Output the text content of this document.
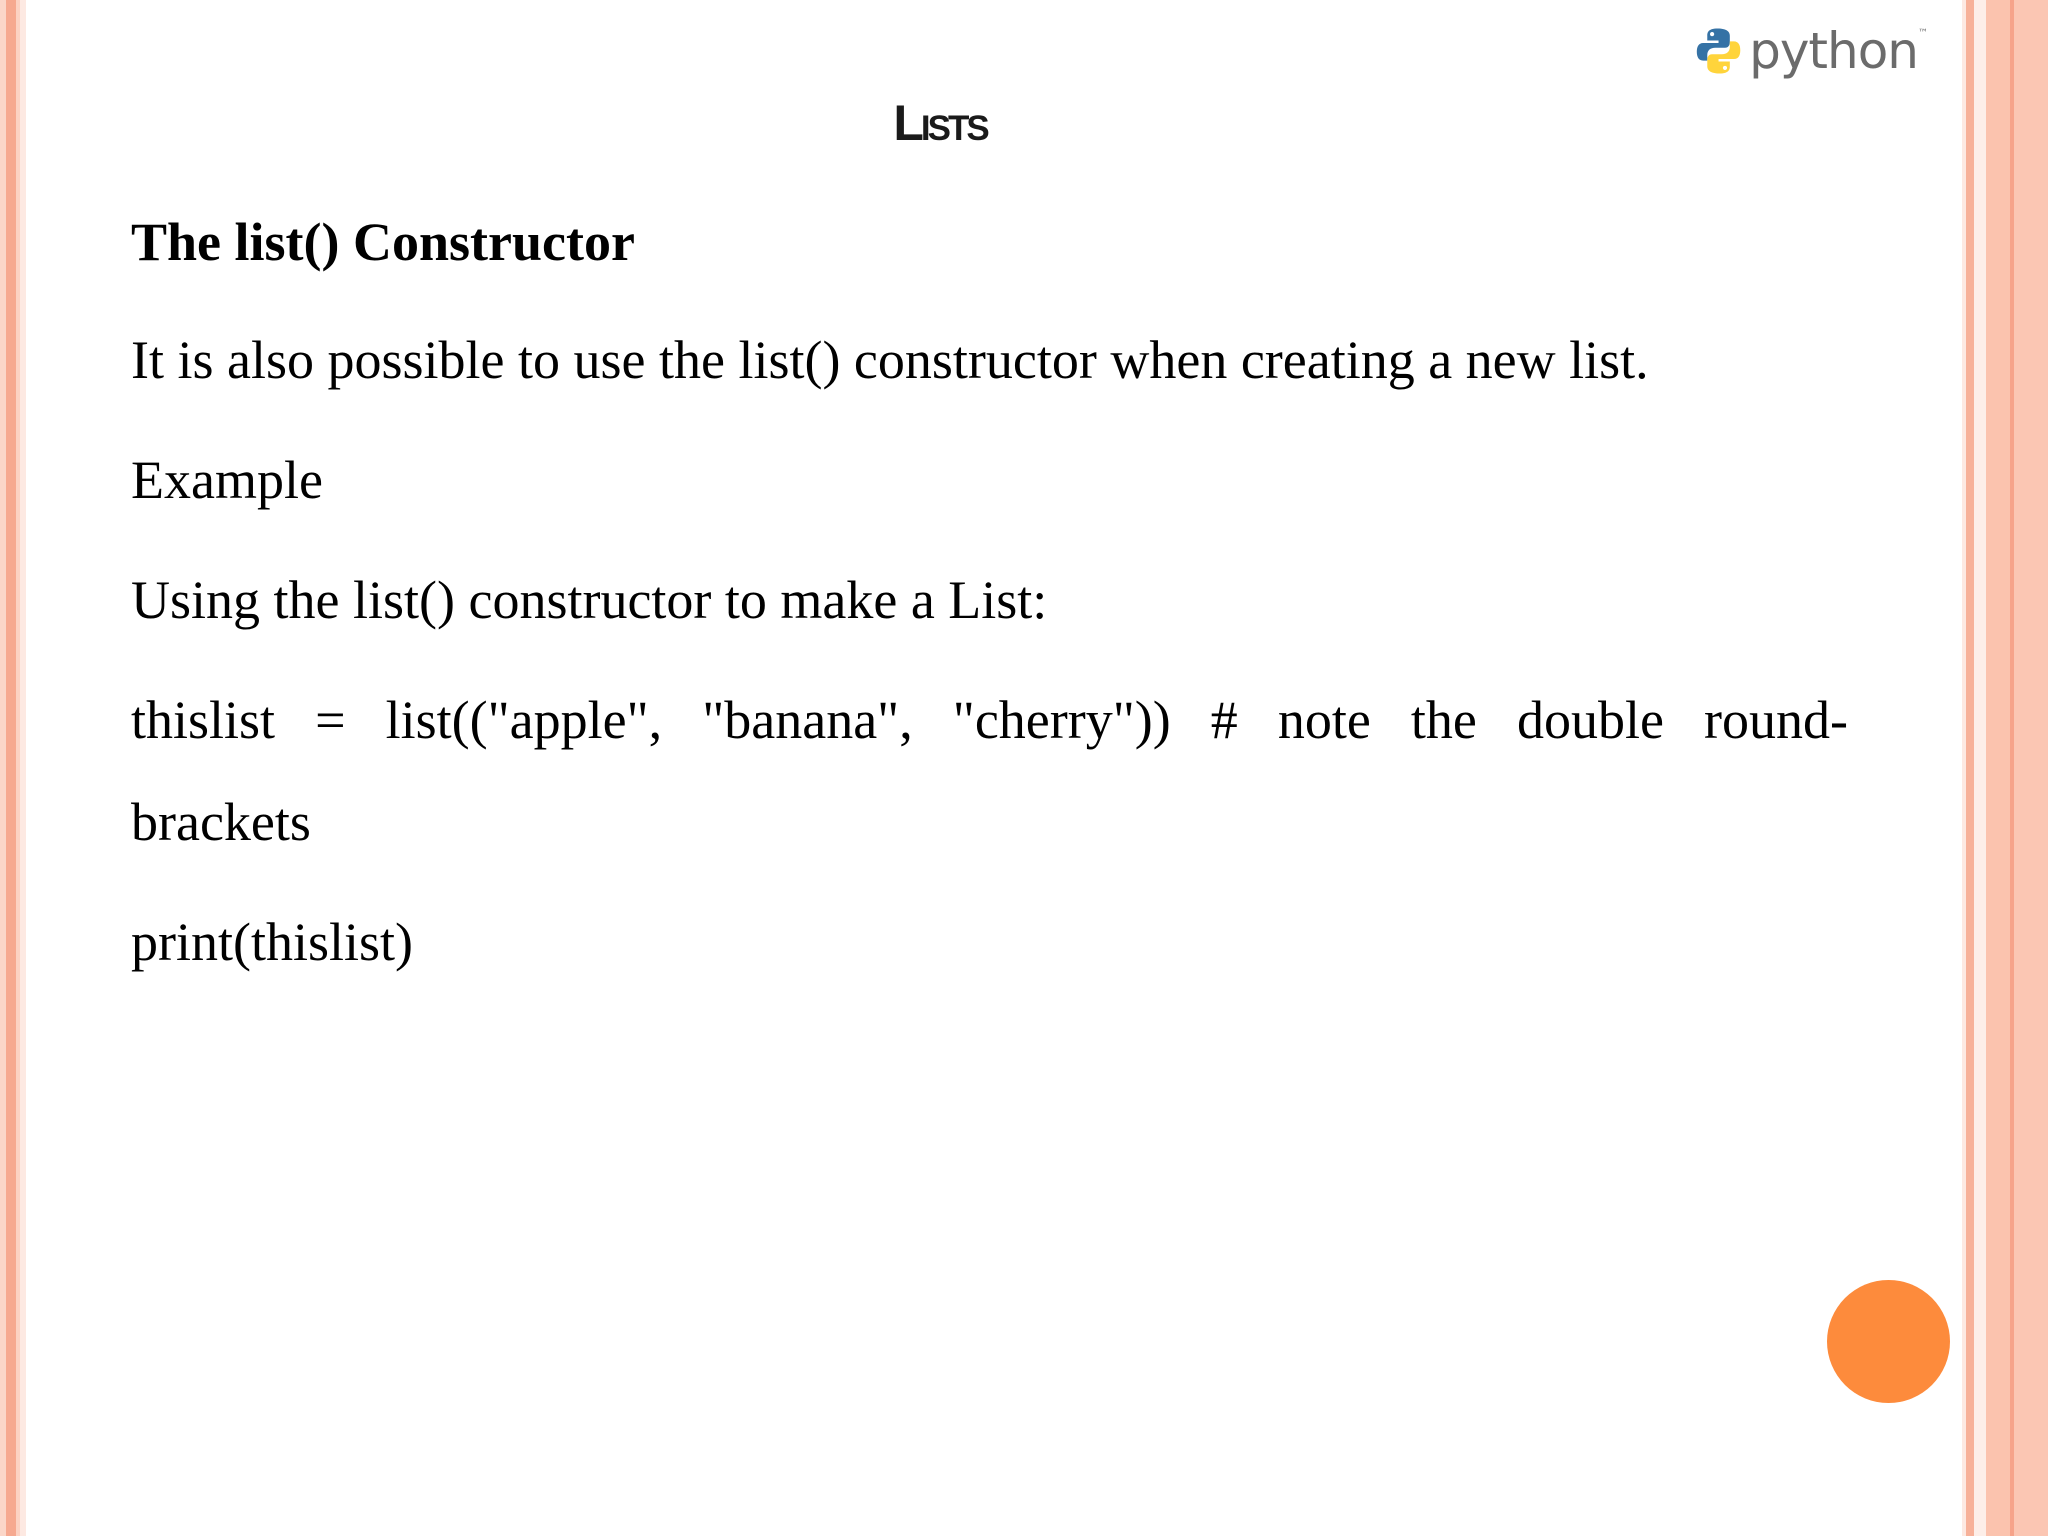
python ™
Lists

The list() Constructor

It is also possible to use the list() constructor when creating a new list.

Example

Using the list() constructor to make a List:

thislist = list(("apple", "banana", "cherry")) # note the double round-

brackets

print(thislist)
